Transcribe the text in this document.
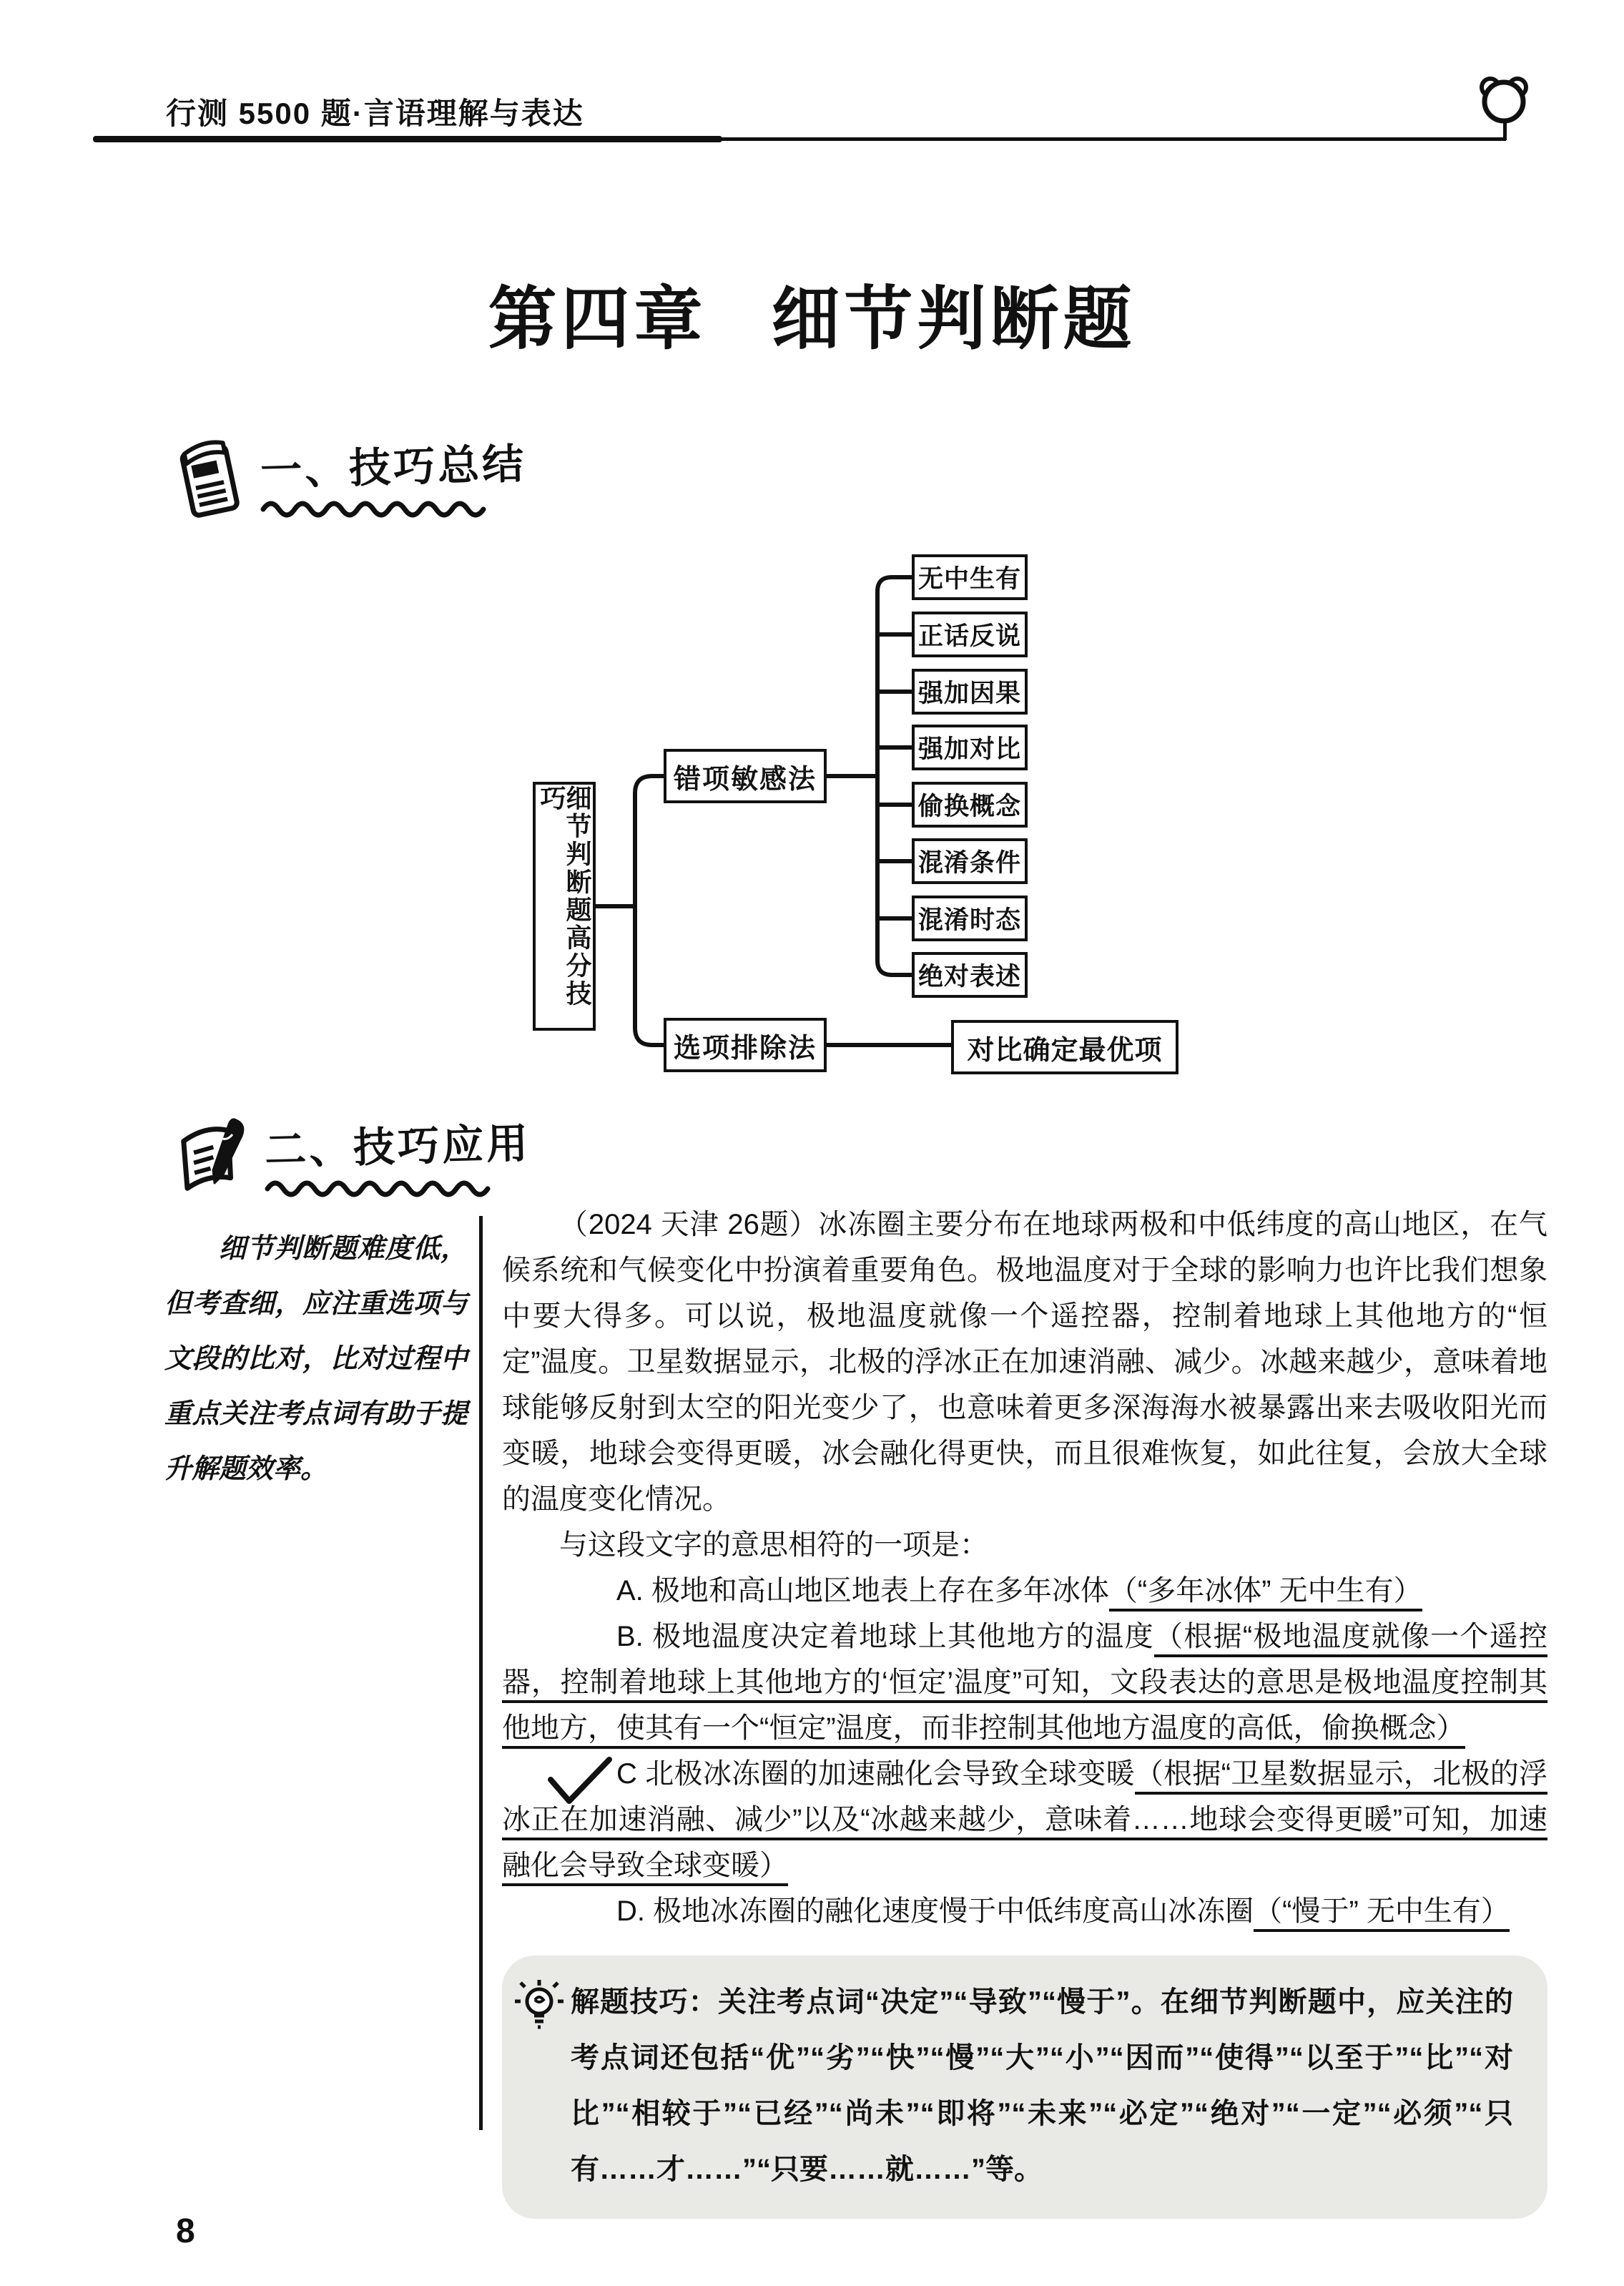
行测 5500 题·言语理解与表达
第四章 细节判断题
一、技巧总结
细节判断题高分技巧
错项敏感法
选项排除法
无中生有
正话反说
强加因果
强加对比
偷换概念
混淆条件
混淆时态
绝对表述
对比确定最优项
二、技巧应用
细节判断题难度低，但考查细，应注重选项与文段的比对，比对过程中重点关注考点词有助于提升解题效率。

（2024 天津 26题）冰冻圈主要分布在地球两极和中低纬度的高山地区，在气候系统和气候变化中扮演着重要角色。极地温度对于全球的影响力也许比我们想象中要大得多。可以说，极地温度就像一个遥控器，控制着地球上其他地方的“恒定”温度。卫星数据显示，北极的浮冰正在加速消融、减少。冰越来越少，意味着地球能够反射到太空的阳光变少了，也意味着更多深海海水被暴露出来去吸收阳光而变暖，地球会变得更暖，冰会融化得更快，而且很难恢复，如此往复，会放大全球的温度变化情况。

与这段文字的意思相符的一项是：

A. 极地和高山地区地表上存在多年冰体（“多年冰体” 无中生有）

B. 极地温度决定着地球上其他地方的温度（根据“极地温度就像一个遥控器，控制着地球上其他地方的‘恒定’温度”可知，文段表达的意思是极地温度控制其他地方，使其有一个“恒定”温度，而非控制其他地方温度的高低，偷换概念）

C 北极冰冻圈的加速融化会导致全球变暖（根据“卫星数据显示，北极的浮冰正在加速消融、减少”以及“冰越来越少，意味着……地球会变得更暖”可知，加速融化会导致全球变暖）

D. 极地冰冻圈的融化速度慢于中低纬度高山冰冻圈（“慢于” 无中生有）

解题技巧：关注考点词“决定”“导致”“慢于”。在细节判断题中，应关注的考点词还包括“优”“劣”“快”“慢”“大”“小”“因而”“使得”“以至于”“比”“对比”“相较于”“已经”“尚未”“即将”“未来”“必定”“绝对”“一定”“必须”“只有……才……”“只要……就……”等。
8
